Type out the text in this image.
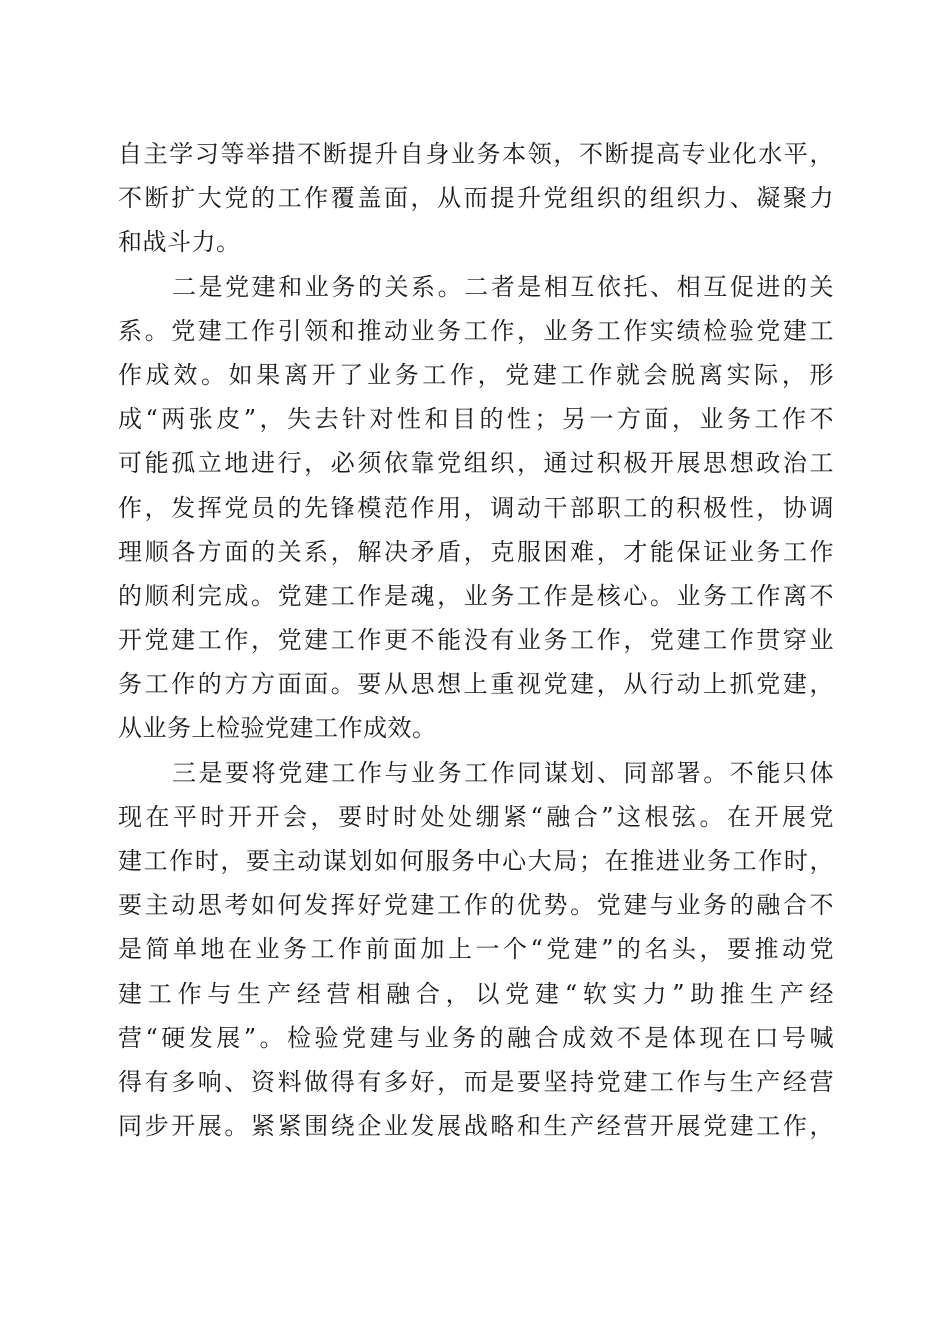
自主学习等举措不断提升自身业务本领，不断提高专业化水平，
不断扩大党的工作覆盖面，从而提升党组织的组织力、凝聚力
和战斗力。
二是党建和业务的关系。二者是相互依托、相互促进的关
系。党建工作引领和推动业务工作，业务工作实绩检验党建工
作成效。如果离开了业务工作，党建工作就会脱离实际，形
成“两张皮”，失去针对性和目的性；另一方面，业务工作不
可能孤立地进行，必须依靠党组织，通过积极开展思想政治工
作，发挥党员的先锋模范作用，调动干部职工的积极性，协调
理顺各方面的关系，解决矛盾，克服困难，才能保证业务工作
的顺利完成。党建工作是魂，业务工作是核心。业务工作离不
开党建工作，党建工作更不能没有业务工作，党建工作贯穿业
务工作的方方面面。要从思想上重视党建，从行动上抓党建，
从业务上检验党建工作成效。
三是要将党建工作与业务工作同谋划、同部署。不能只体
现在平时开开会，要时时处处绷紧“融合”这根弦。在开展党
建工作时，要主动谋划如何服务中心大局；在推进业务工作时，
要主动思考如何发挥好党建工作的优势。党建与业务的融合不
是简单地在业务工作前面加上一个“党建”的名头，要推动党
建工作与生产经营相融合，以党建“软实力”助推生产经
营“硬发展”。检验党建与业务的融合成效不是体现在口号喊
得有多响、资料做得有多好，而是要坚持党建工作与生产经营
同步开展。紧紧围绕企业发展战略和生产经营开展党建工作，
